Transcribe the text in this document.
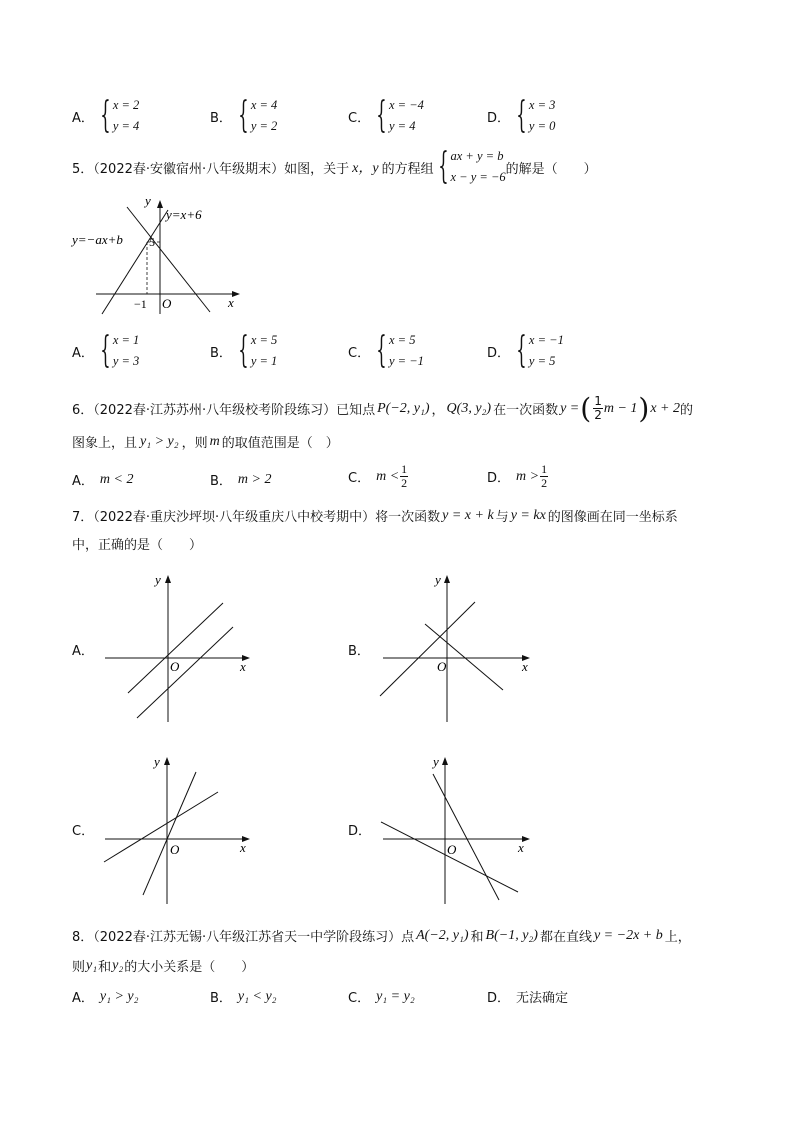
A． { x = 2
y = 4
B． { x = 4
y = 2
C． { x = −4
y = 4
D． { x = 3
y = 0
5．（2022春·安徽宿州·八年级期末）如图，关于 x，y 的方程组 { ax + y = b
x − y = −6
的解是（　　）
y
x
O
y=x+6
y=−ax+b 5
−1
A． { x = 1
y = 3
B． { x = 5
y = 1
C． { x = 5
y = −1
D． { x = −1
y = 5
6．（2022春·江苏苏州·八年级校考阶段练习）已知点 P(−2, y₁) ， Q(3, y₂) 在一次函数 y = ( $\frac{1}{2}$ m − 1 ) x + 2 的
图象上，且 y₁ > y₂ ，则 m 的取值范围是（　）
A． m < 2	B． m > 2	C． $m < \frac{1}{2}$	D． $m > \frac{1}{2}$
7．（2022春·重庆沙坪坝·八年级重庆八中校考期中）将一次函数 y = x + k 与 y = kx 的图像画在同一坐标系
中，正确的是（　　）
A．
y
x
O
B．
y
x
O
C．
y
x
O
D．
y
x
O
8．（2022春·江苏无锡·八年级江苏省天一中学阶段练习）点 A(−2, y₁) 和 B(−1, y₂) 都在直线 y = −2x + b 上，
则 y₁ 和 y₂ 的大小关系是（　　）
A． y₁ > y₂	B． y₁ < y₂	C． y₁ = y₂	D． 无法确定
